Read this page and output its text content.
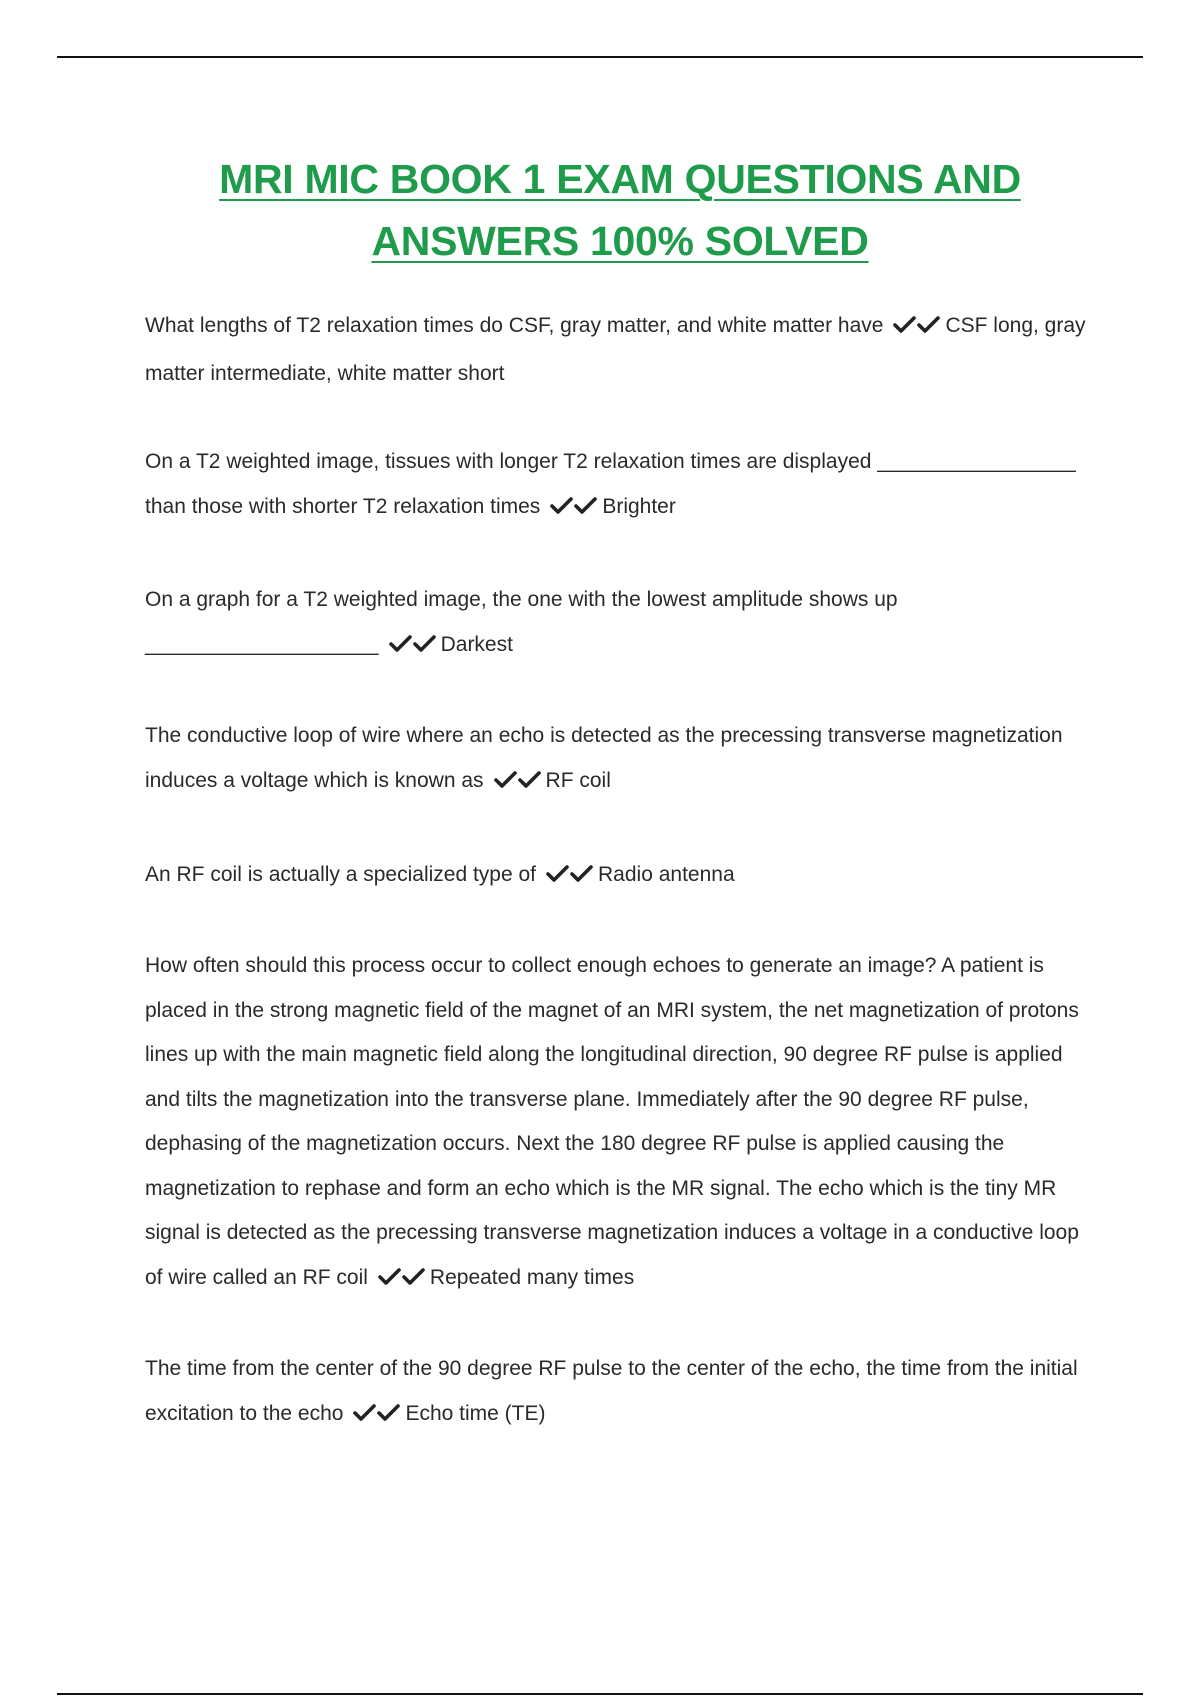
MRI MIC BOOK 1 EXAM QUESTIONS AND ANSWERS 100% SOLVED

What lengths of T2 relaxation times do CSF, gray matter, and white matter have	CSF long, gray matter intermediate, white matter short

On a T2 weighted image, tissues with longer T2 relaxation times are displayed _________________ than those with shorter T2 relaxation times	Brighter

On a graph for a T2 weighted image, the one with the lowest amplitude shows up ____________________	Darkest

The conductive loop of wire where an echo is detected as the precessing transverse magnetization induces a voltage which is known as	RF coil

An RF coil is actually a specialized type of	Radio antenna

How often should this process occur to collect enough echoes to generate an image? A patient is placed in the strong magnetic field of the magnet of an MRI system, the net magnetization of protons lines up with the main magnetic field along the longitudinal direction, 90 degree RF pulse is applied and tilts the magnetization into the transverse plane. Immediately after the 90 degree RF pulse, dephasing of the magnetization occurs. Next the 180 degree RF pulse is applied causing the magnetization to rephase and form an echo which is the MR signal. The echo which is the tiny MR signal is detected as the precessing transverse magnetization induces a voltage in a conductive loop of wire called an RF coil	Repeated many times

The time from the center of the 90 degree RF pulse to the center of the echo, the time from the initial excitation to the echo	Echo time (TE)
